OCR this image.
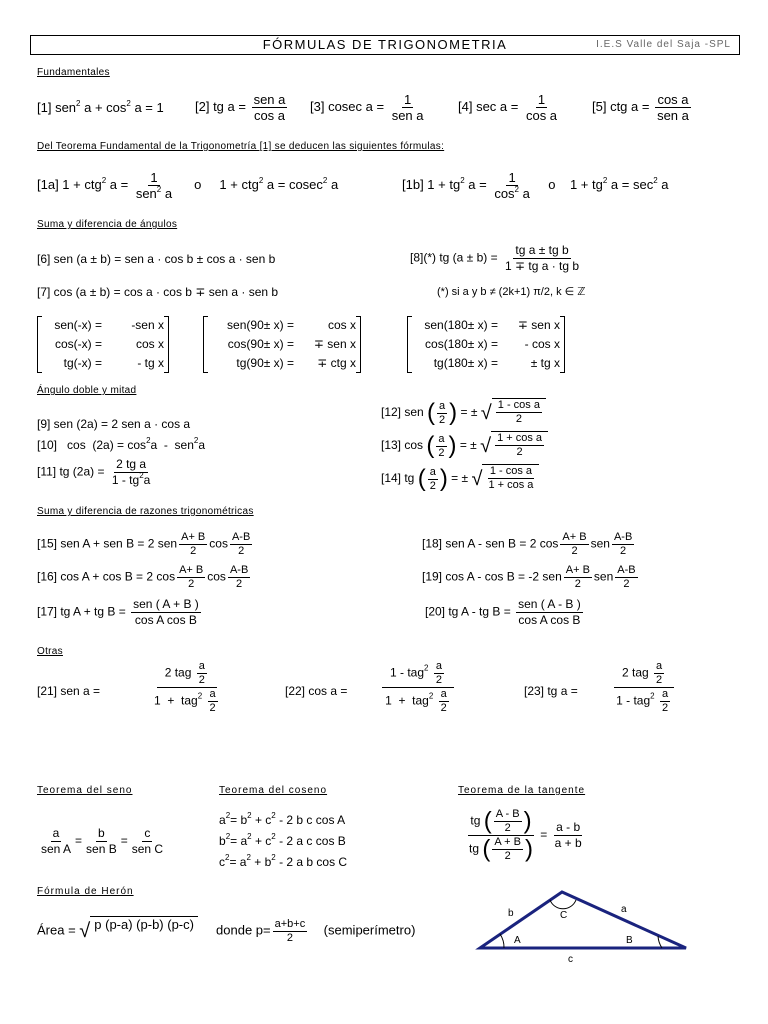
FÓRMULAS DE TRIGONOMETRIA	I.E.S Valle del Saja -SPL
Fundamentales
[1] sen$^2$ $a + \cos^2 a = 1$ [2] tg $a = \frac{\text{sen a}}{\text{cos a}} [3]$ cosec $a = \frac{1}{\text{sen a}} [4]$ $\sec a = \frac{1}{\text{cos a}}$	[5] ctg $a = \frac{\text{cos a}}{\text{sen a}}$
Del Teorema Fundamental de la Trigonometría [1] se deducen las siguientes fórmulas:
[1a] 1 + ctg$^2$ $a = \frac{1}{sen^2 a}$ o     1 + ctg$^2$ a = cosec$^2$ a	[1b] $1 + tg^2$ $a = \frac{1}{\cos^2 a}$ o    $1 + tg^2$ $a = \sec^2 a$
Suma y diferencia de ángulos
[6] sen (a ± b) = sen a · cos b ± cos a · sen b
[7] cos (a ± b) = cos a · cos b ∓ sen a · sen b
[8](*) tg $(a \pm b) = \frac{\text{tg a ± tg b}}{\text{1 ∓ tg a · tg b}}$
(*) si a y b ≠ (2k+1) π/2, k ∈ ℤ
sen(-x) =	-sen x
cos(-x) =	cos x
tg(-x) =	- tg x
sen(90± x) =	cos x
cos(90± x) =	∓ sen x
tg(90± x) =	∓ ctg x
sen(180± x) =	∓ sen x
cos(180± x) =	- cos x
tg(180± x) =	± tg x
Ángulo doble y mitad
[9] sen (2a) = 2 sen a · cos a
[10]   $\cos (2a) = \cos^2a - sen^2a$
[11] tg $(2a) = \frac{\text{2 tg a}}{1 - tg^2a}$
[12] sen ( $\frac{a}{2}$ ) = ± √ $\frac{\text{1 - cos a}}{2}$
[13] cos ( $\frac{a}{2}$ ) = ± √ $\frac{\text{1 + cos a}}{2}$
[14] tg ( $\frac{a}{2}$ ) = ± √ $\frac{\text{1 - cos a}}{\text{1 + cos a}}$
Suma y diferencia de razones trigonométricas
[15] sen A + sen B = 2 sen $\frac{A+ B}{2}$ $\cos \frac{A-B}{2}$
[16] cos A + cos B = 2 $\cos \frac{A+ B}{2}$ $\cos \frac{A-B}{2}$
[17] tg A + tg $B = \frac{\text{sen ( A + B )}}{\text{cos A cos B}}$
[18] sen A - sen B = 2 $\cos \frac{A+ B}{2}$ sen $\frac{A-B}{2}$
[19] cos A - cos B = -2 sen $\frac{A+ B}{2}$ sen $\frac{A-B}{2}$
[20] tg A - tg $B = \frac{\text{sen ( A - B )}}{\text{cos A cos B}}$
Otras
[21] sen a =	$\frac{2 tag \frac{a}{2}}{1 + tag^2 \frac{a}{2}}$	[22] cos a =	$\frac{1 - tag^2 \frac{a}{2}}{1 + tag^2 \frac{a}{2}}$	[23] tg a =	$\frac{2 tag \frac{a}{2}}{1 - tag^2 \frac{a}{2}}$
Teorema del seno	Teorema del coseno	Teorema de la tangente
$\frac{a}{\text{sen A}} = \frac{b}{\text{sen B}} = \frac{c}{\text{sen C}}$
$a^2= b^2 + c^2 - 2$ b c cos A
$b^2= a^2 + c^2 - 2$ a c cos B
$c^2= a^2 + b^2 - 2$ a b cos C	$\frac{tg ( \frac{A - B}{2} )}{tg ( \frac{A + B}{2} )} = \frac{a - b}{a + b}$
Fórmula de Herón
Área = √ p (p-a) (p-b) (p-c)	donde $p= \frac{a+b+c}{2}$ (semiperímetro)
b	a
c
A	B
C
